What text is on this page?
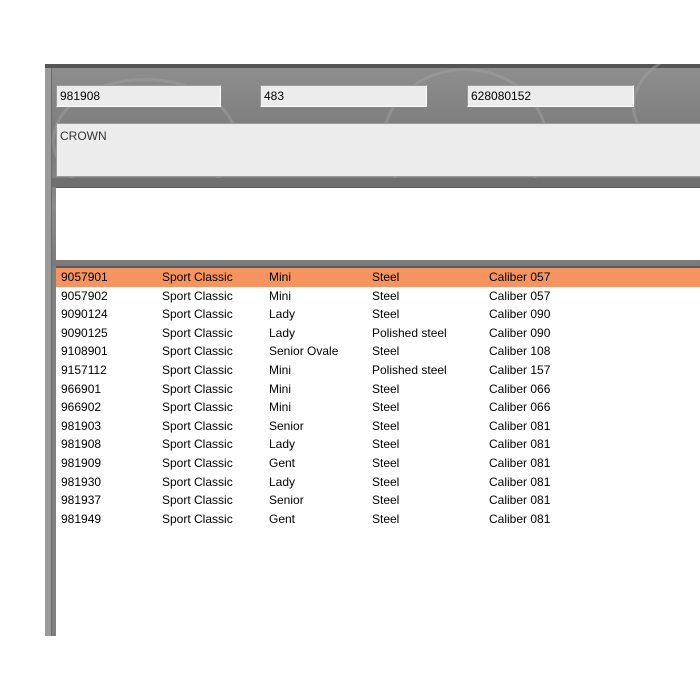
981908	483	628080152
CROWN
9057901	Sport Classic	Mini	Steel	Caliber 057
9057902	Sport Classic	Mini	Steel	Caliber 057
9090124	Sport Classic	Lady	Steel	Caliber 090
9090125	Sport Classic	Lady	Polished steel	Caliber 090
9108901	Sport Classic	Senior Ovale	Steel	Caliber 108
9157112	Sport Classic	Mini	Polished steel	Caliber 157
966901	Sport Classic	Mini	Steel	Caliber 066
966902	Sport Classic	Mini	Steel	Caliber 066
981903	Sport Classic	Senior	Steel	Caliber 081
981908	Sport Classic	Lady	Steel	Caliber 081
981909	Sport Classic	Gent	Steel	Caliber 081
981930	Sport Classic	Lady	Steel	Caliber 081
981937	Sport Classic	Senior	Steel	Caliber 081
981949	Sport Classic	Gent	Steel	Caliber 081
